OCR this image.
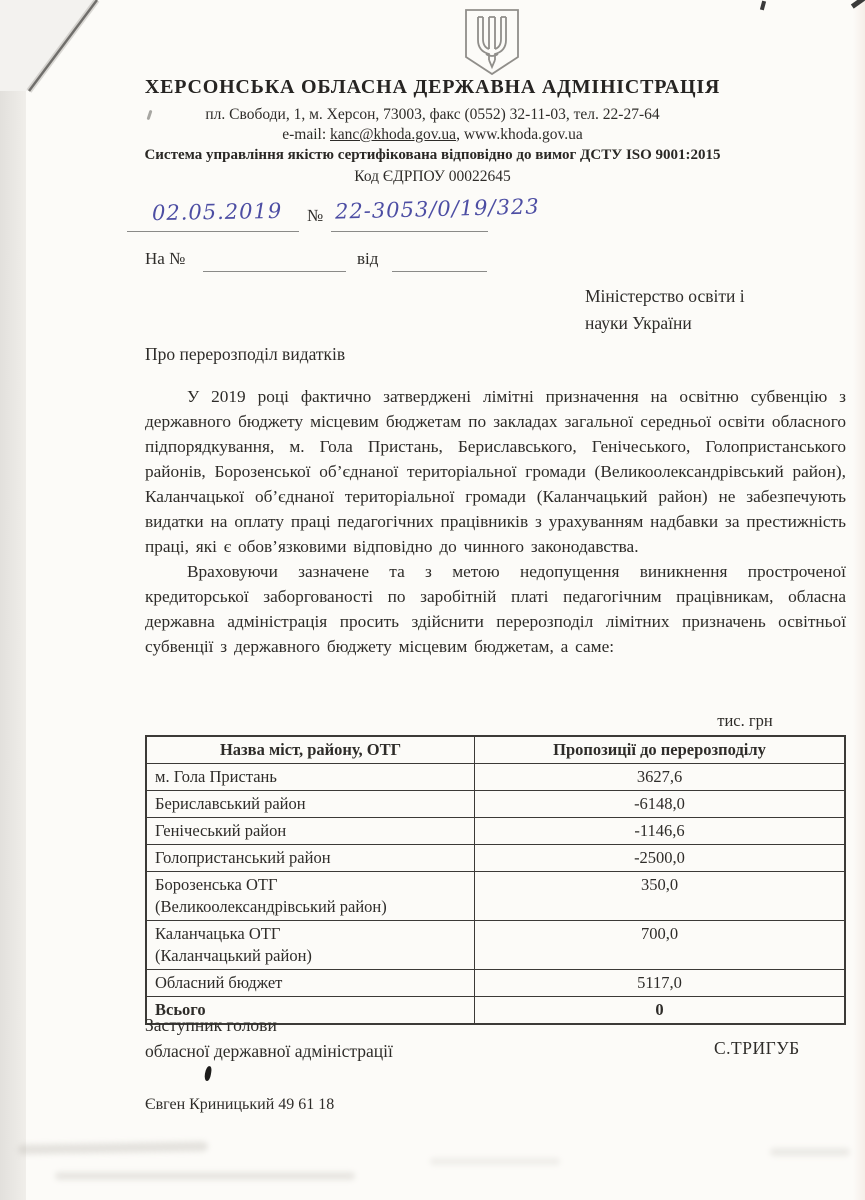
ХЕРСОНСЬКА ОБЛАСНА ДЕРЖАВНА АДМІНІСТРАЦІЯ
пл. Свободи, 1, м. Херсон, 73003, факс (0552) 32-11-03, тел. 22-27-64
e-mail: kanc@khoda.gov.ua, www.khoda.gov.ua
Система управління якістю сертифікована відповідно до вимог ДСТУ ISO 9001:2015
Код ЄДРПОУ 00022645
02.05.2019 № 22-3053/0/19/323
На №	від
Міністерство освіти і
науки України
Про перерозподіл видатків

У 2019 році фактично затверджені лімітні призначення на освітню субвенцію з державного бюджету місцевим бюджетам по закладах загальної середньої освіти обласного підпорядкування, м. Гола Пристань, Бериславського, Генічеського, Голопристанського районів, Борозенської об’єднаної територіальної громади (Великоолександрівський район), Каланчацької об’єднаної територіальної громади (Каланчацький район) не забезпечують видатки на оплату праці педагогічних працівників з урахуванням надбавки за престижність праці, які є обов’язковими відповідно до чинного законодавства.

Враховуючи зазначене та з метою недопущення виникнення простроченої кредиторської заборгованості по заробітній платі педагогічним працівникам, обласна державна адміністрація просить здійснити перерозподіл лімітних призначень освітньої субвенції з державного бюджету місцевим бюджетам, а саме:

тис. грн
Назва міст, району, ОТГ	Пропозиції до перерозподілу
м. Гола Пристань	3627,6
Бериславський район	-6148,0
Генічеський район	-1146,6
Голопристанський район	-2500,0
Борозенська ОТГ
(Великоолександрівський район)	350,0
Каланчацька ОТГ
(Каланчацький район)	700,0
Обласний бюджет	5117,0
Всього	0
Заступник голови
обласної державної адміністрації	С.ТРИГУБ
Євген Криницький 49 61 18
